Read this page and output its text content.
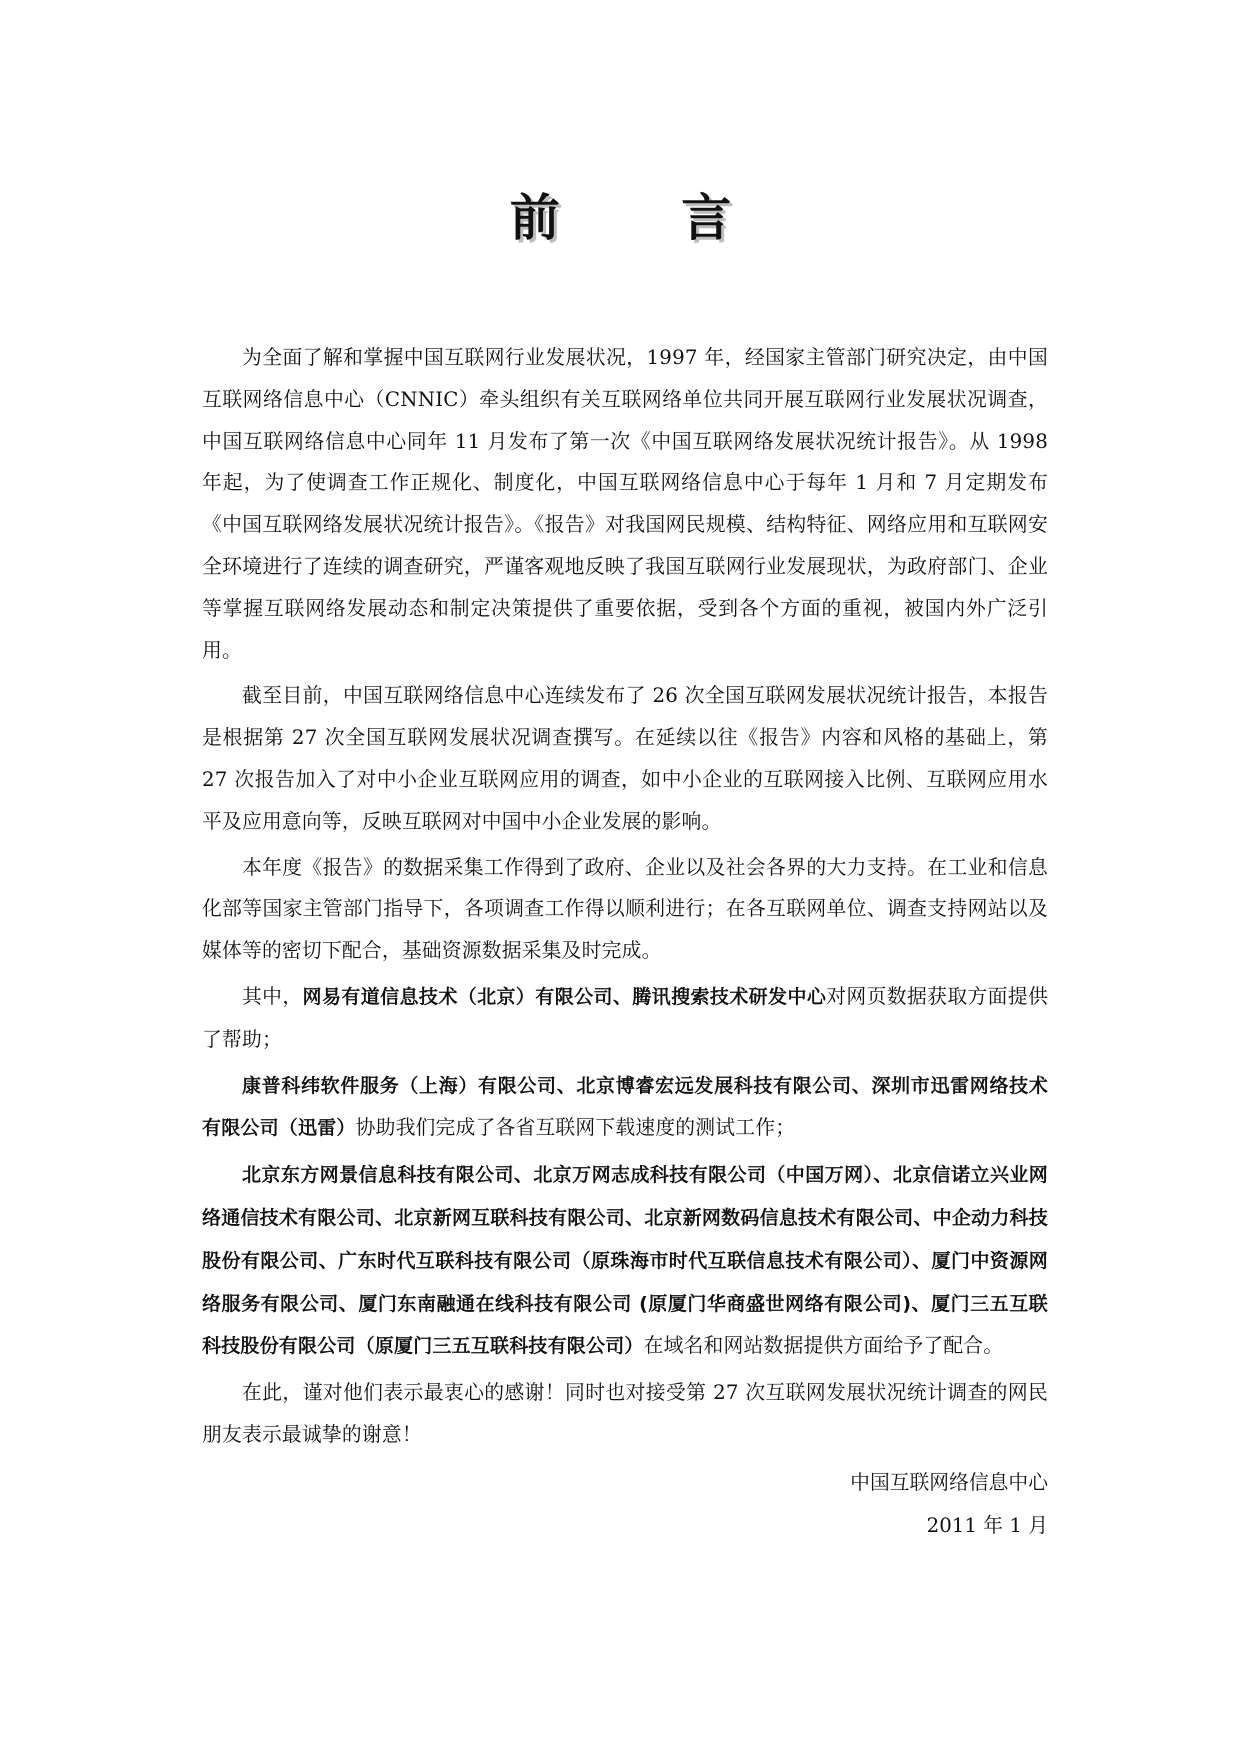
前 言

为全面了解和掌握中国互联网行业发展状况，1997 年，经国家主管部门研究决定，由中国互联网络信息中心（CNNIC）牵头组织有关互联网络单位共同开展互联网行业发展状况调查，中国互联网络信息中心同年 11 月发布了第一次《中国互联网络发展状况统计报告》。从 1998 年起，为了使调查工作正规化、制度化，中国互联网络信息中心于每年 1 月和 7 月定期发布《中国互联网络发展状况统计报告》。《报告》对我国网民规模、结构特征、网络应用和互联网安全环境进行了连续的调查研究，严谨客观地反映了我国互联网行业发展现状，为政府部门、企业等掌握互联网络发展动态和制定决策提供了重要依据，受到各个方面的重视，被国内外广泛引用。

截至目前，中国互联网络信息中心连续发布了 26 次全国互联网发展状况统计报告，本报告是根据第 27 次全国互联网发展状况调查撰写。在延续以往《报告》内容和风格的基础上，第 27 次报告加入了对中小企业互联网应用的调查，如中小企业的互联网接入比例、互联网应用水平及应用意向等，反映互联网对中国中小企业发展的影响。

本年度《报告》的数据采集工作得到了政府、企业以及社会各界的大力支持。在工业和信息化部等国家主管部门指导下，各项调查工作得以顺利进行；在各互联网单位、调查支持网站以及媒体等的密切下配合，基础资源数据采集及时完成。

其中，网易有道信息技术（北京）有限公司、腾讯搜索技术研发中心对网页数据获取方面提供了帮助；

康普科纬软件服务（上海）有限公司、北京博睿宏远发展科技有限公司、深圳市迅雷网络技术有限公司（迅雷）协助我们完成了各省互联网下载速度的测试工作；

北京东方网景信息科技有限公司、北京万网志成科技有限公司（中国万网）、北京信诺立兴业网络通信技术有限公司、北京新网互联科技有限公司、北京新网数码信息技术有限公司、中企动力科技股份有限公司、广东时代互联科技有限公司（原珠海市时代互联信息技术有限公司）、厦门中资源网络服务有限公司、厦门东南融通在线科技有限公司 (原厦门华商盛世网络有限公司)、厦门三五互联科技股份有限公司（原厦门三五互联科技有限公司）在域名和网站数据提供方面给予了配合。

在此，谨对他们表示最衷心的感谢！同时也对接受第 27 次互联网发展状况统计调查的网民朋友表示最诚挚的谢意！

中国互联网络信息中心
2011 年 1 月
